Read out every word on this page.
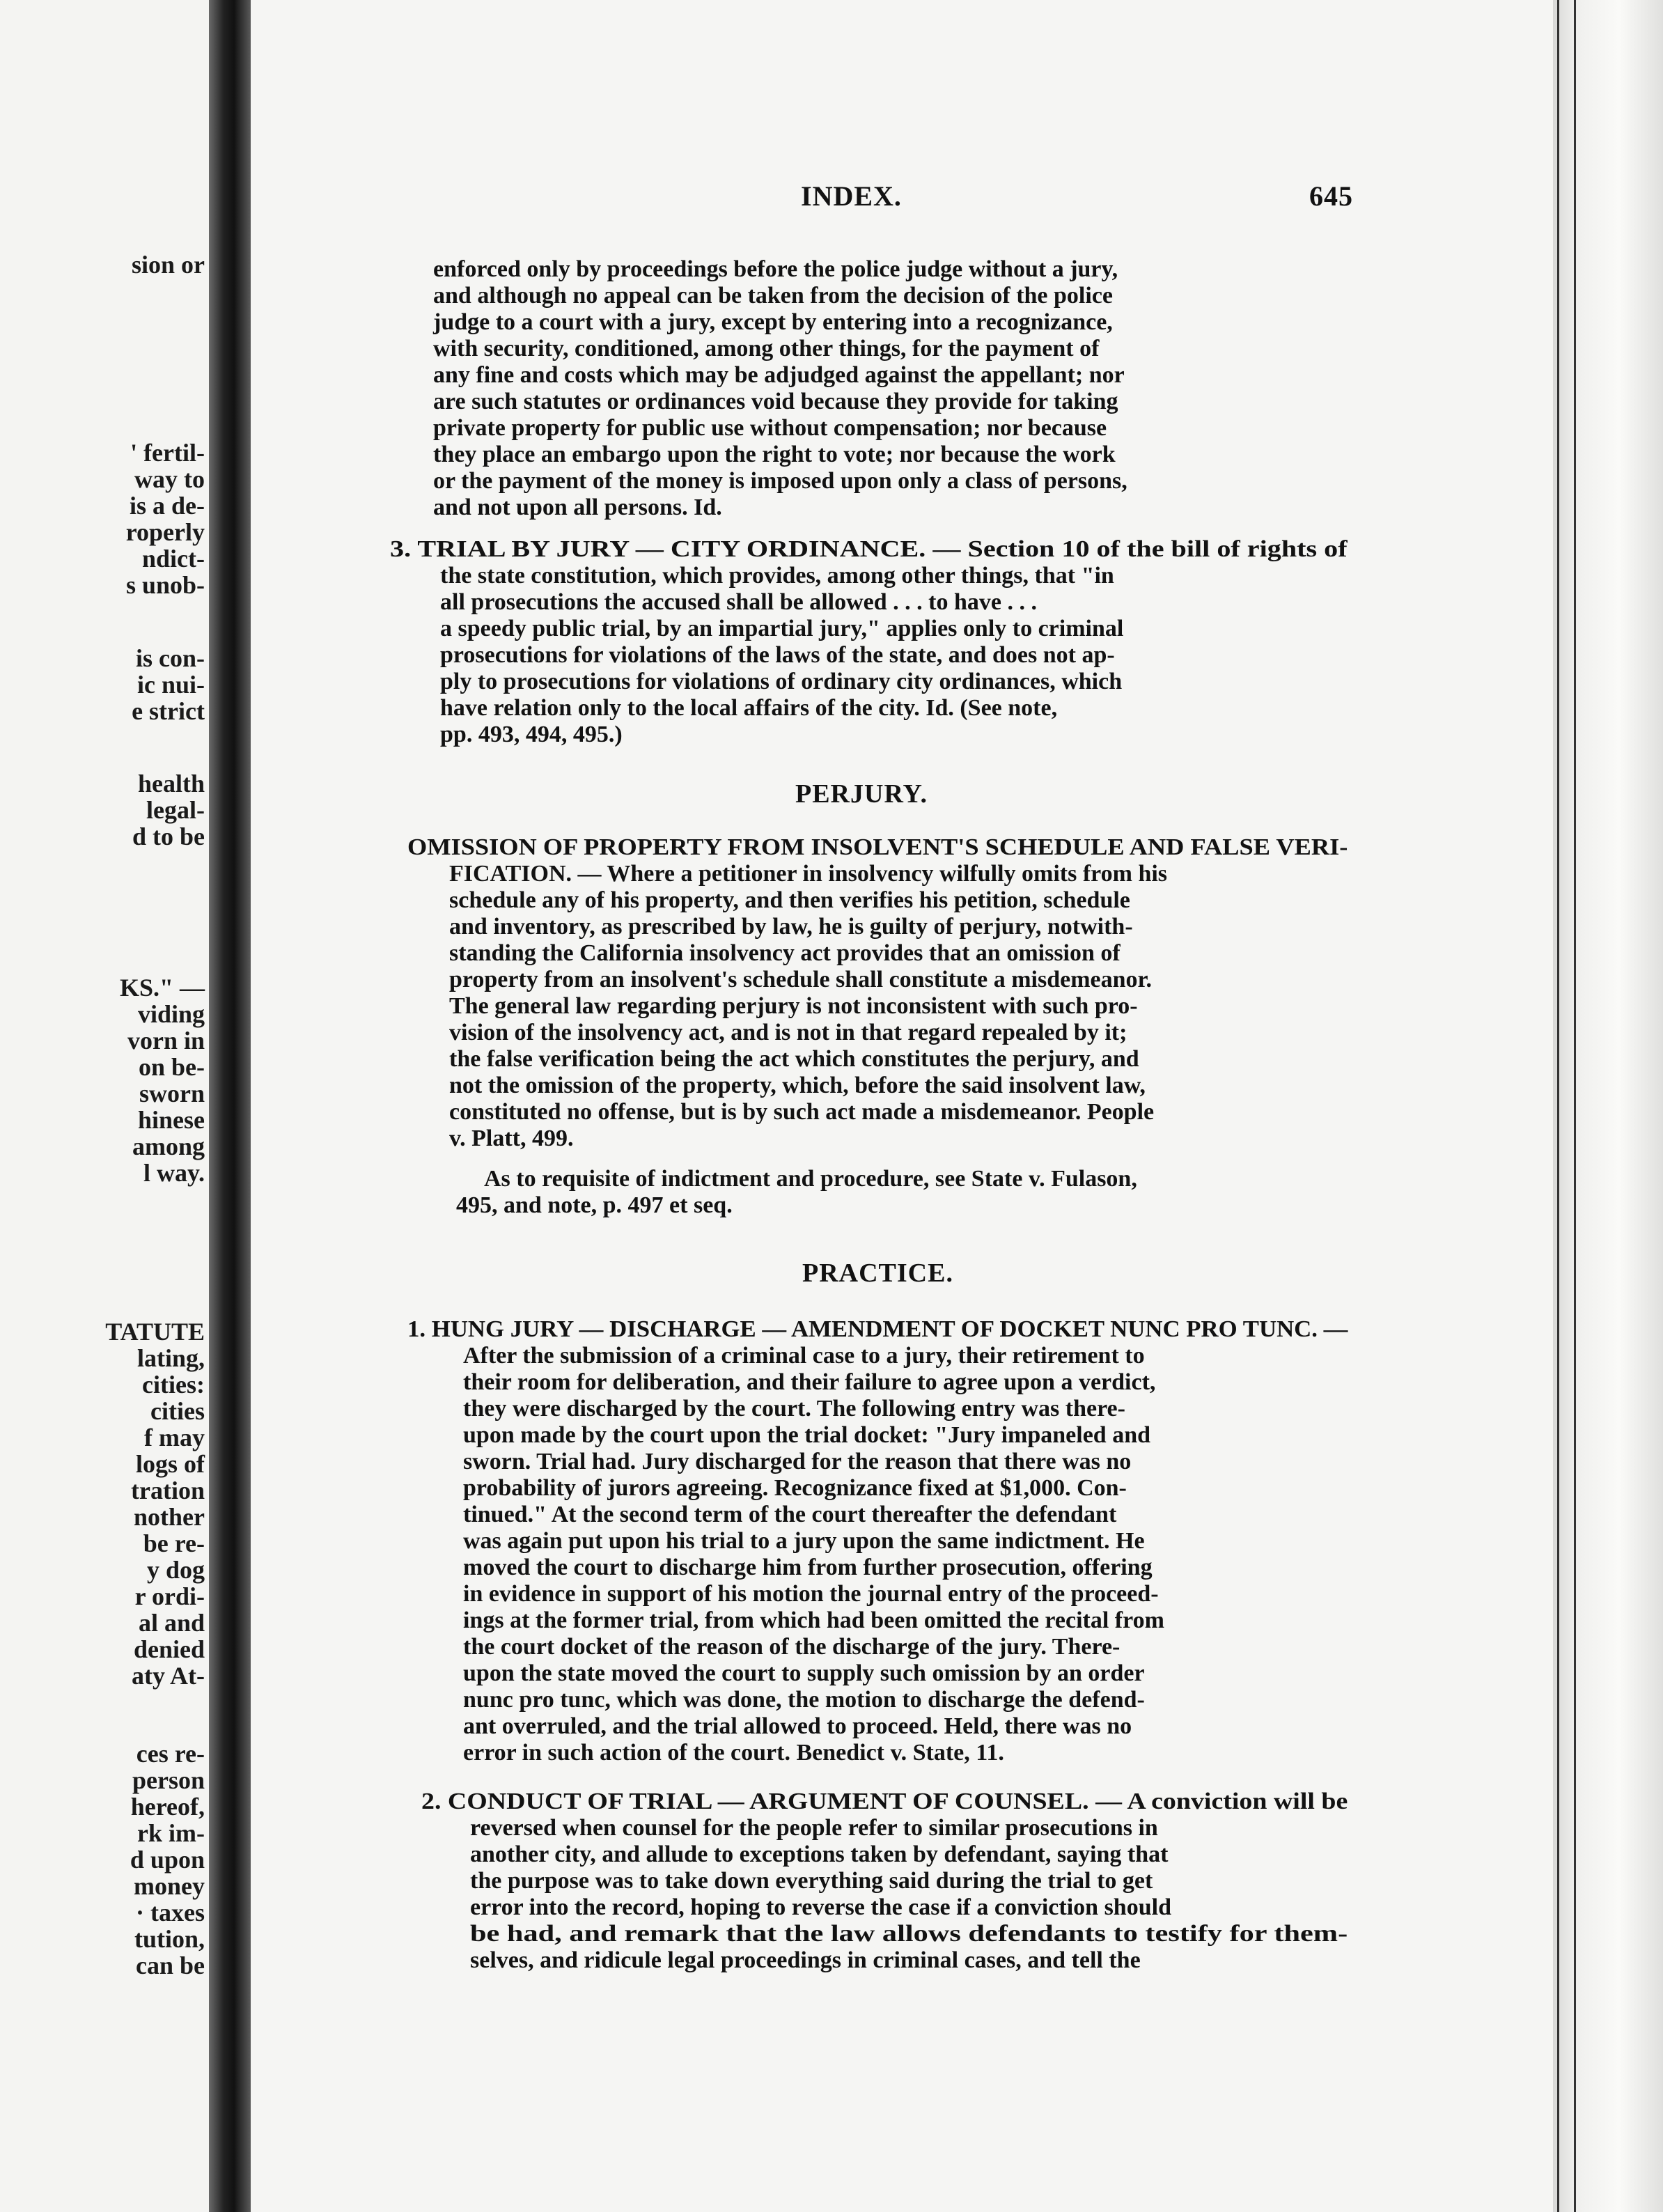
sion or
' fertil-
way to
is a de-
roperly
ndict-
s unob-
is con-
ic nui-
e strict
health
legal-
d to be
KS." —
viding
vorn in
on be-
sworn
hinese
among
l way.
TATUTE
lating,
cities:
cities
f may
logs of
tration
nother
be re-
y dog
r ordi-
al and
denied
aty At-
ces re-
person
hereof,
rk im-
d upon
money
· taxes
tution,
can be
INDEX.	645
enforced only by proceedings before the police judge without a jury,
and although no appeal can be taken from the decision of the police
judge to a court with a jury, except by entering into a recognizance,
with security, conditioned, among other things, for the payment of
any fine and costs which may be adjudged against the appellant; nor
are such statutes or ordinances void because they provide for taking
private property for public use without compensation; nor because
they place an embargo upon the right to vote; nor because the work
or the payment of the money is imposed upon only a class of persons,
and not upon all persons. Id.
3. TRIAL BY JURY — CITY ORDINANCE. — Section 10 of the bill of rights of
the state constitution, which provides, among other things, that "in
all prosecutions the accused shall be allowed . . . to have . . .
a speedy public trial, by an impartial jury," applies only to criminal
prosecutions for violations of the laws of the state, and does not ap-
ply to prosecutions for violations of ordinary city ordinances, which
have relation only to the local affairs of the city. Id. (See note,
pp. 493, 494, 495.)
OMISSION OF PROPERTY FROM INSOLVENT'S SCHEDULE AND FALSE VERI-
FICATION. — Where a petitioner in insolvency wilfully omits from his
schedule any of his property, and then verifies his petition, schedule
and inventory, as prescribed by law, he is guilty of perjury, notwith-
standing the California insolvency act provides that an omission of
property from an insolvent's schedule shall constitute a misdemeanor.
The general law regarding perjury is not inconsistent with such pro-
vision of the insolvency act, and is not in that regard repealed by it;
the false verification being the act which constitutes the perjury, and
not the omission of the property, which, before the said insolvent law,
constituted no offense, but is by such act made a misdemeanor. People
v. Platt, 499.
As to requisite of indictment and procedure, see State v. Fulason,
495, and note, p. 497 et seq.
1. HUNG JURY — DISCHARGE — AMENDMENT OF DOCKET NUNC PRO TUNC. —
After the submission of a criminal case to a jury, their retirement to
their room for deliberation, and their failure to agree upon a verdict,
they were discharged by the court. The following entry was there-
upon made by the court upon the trial docket: "Jury impaneled and
sworn. Trial had. Jury discharged for the reason that there was no
probability of jurors agreeing. Recognizance fixed at $1,000. Con-
tinued." At the second term of the court thereafter the defendant
was again put upon his trial to a jury upon the same indictment. He
moved the court to discharge him from further prosecution, offering
in evidence in support of his motion the journal entry of the proceed-
ings at the former trial, from which had been omitted the recital from
the court docket of the reason of the discharge of the jury. There-
upon the state moved the court to supply such omission by an order
nunc pro tunc, which was done, the motion to discharge the defend-
ant overruled, and the trial allowed to proceed. Held, there was no
error in such action of the court. Benedict v. State, 11.
2. CONDUCT OF TRIAL — ARGUMENT OF COUNSEL. — A conviction will be
reversed when counsel for the people refer to similar prosecutions in
another city, and allude to exceptions taken by defendant, saying that
the purpose was to take down everything said during the trial to get
error into the record, hoping to reverse the case if a conviction should
be had, and remark that the law allows defendants to testify for them-
selves, and ridicule legal proceedings in criminal cases, and tell the
PERJURY.
PRACTICE.
